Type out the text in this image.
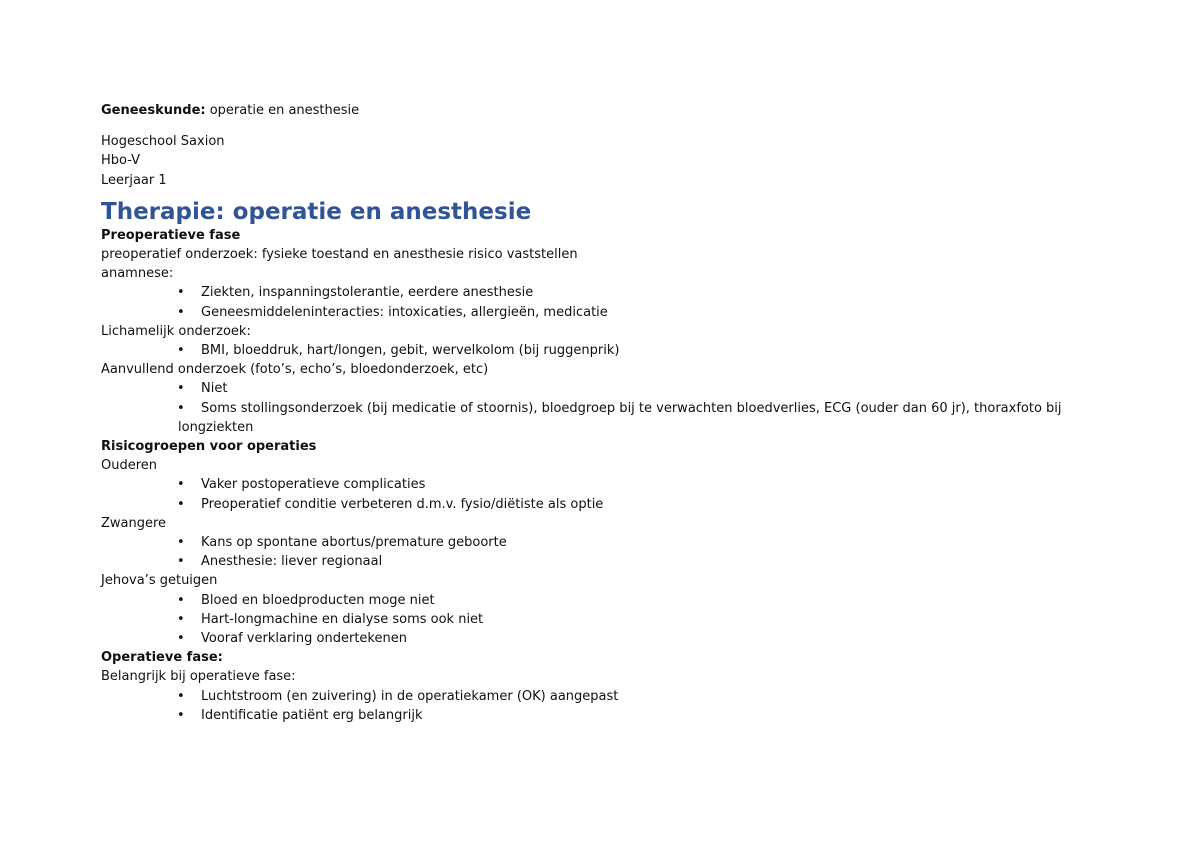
Geneeskunde: operatie en anesthesie

Hogeschool Saxion

Hbo-V

Leerjaar 1

Therapie: operatie en anesthesie

Preoperatieve fase

preoperatief onderzoek: fysieke toestand en anesthesie risico vaststellen

anamnese:

• Ziekten, inspanningstolerantie, eerdere anesthesie
• Geneesmiddeleninteracties: intoxicaties, allergieën, medicatie

Lichamelijk onderzoek:

• BMI, bloeddruk, hart/longen, gebit, wervelkolom (bij ruggenprik)

Aanvullend onderzoek (foto’s, echo’s, bloedonderzoek, etc)

• Niet
• Soms stollingsonderzoek (bij medicatie of stoornis), bloedgroep bij te verwachten bloedverlies, ECG (ouder dan 60 jr), thoraxfoto bij
longziekten

Risicogroepen voor operaties

Ouderen

• Vaker postoperatieve complicaties
• Preoperatief conditie verbeteren d.m.v. fysio/diëtiste als optie

Zwangere

• Kans op spontane abortus/premature geboorte
• Anesthesie: liever regionaal

Jehova’s getuigen

• Bloed en bloedproducten moge niet
• Hart-longmachine en dialyse soms ook niet
• Vooraf verklaring ondertekenen

Operatieve fase:

Belangrijk bij operatieve fase:

• Luchtstroom (en zuivering) in de operatiekamer (OK) aangepast
• Identificatie patiënt erg belangrijk
